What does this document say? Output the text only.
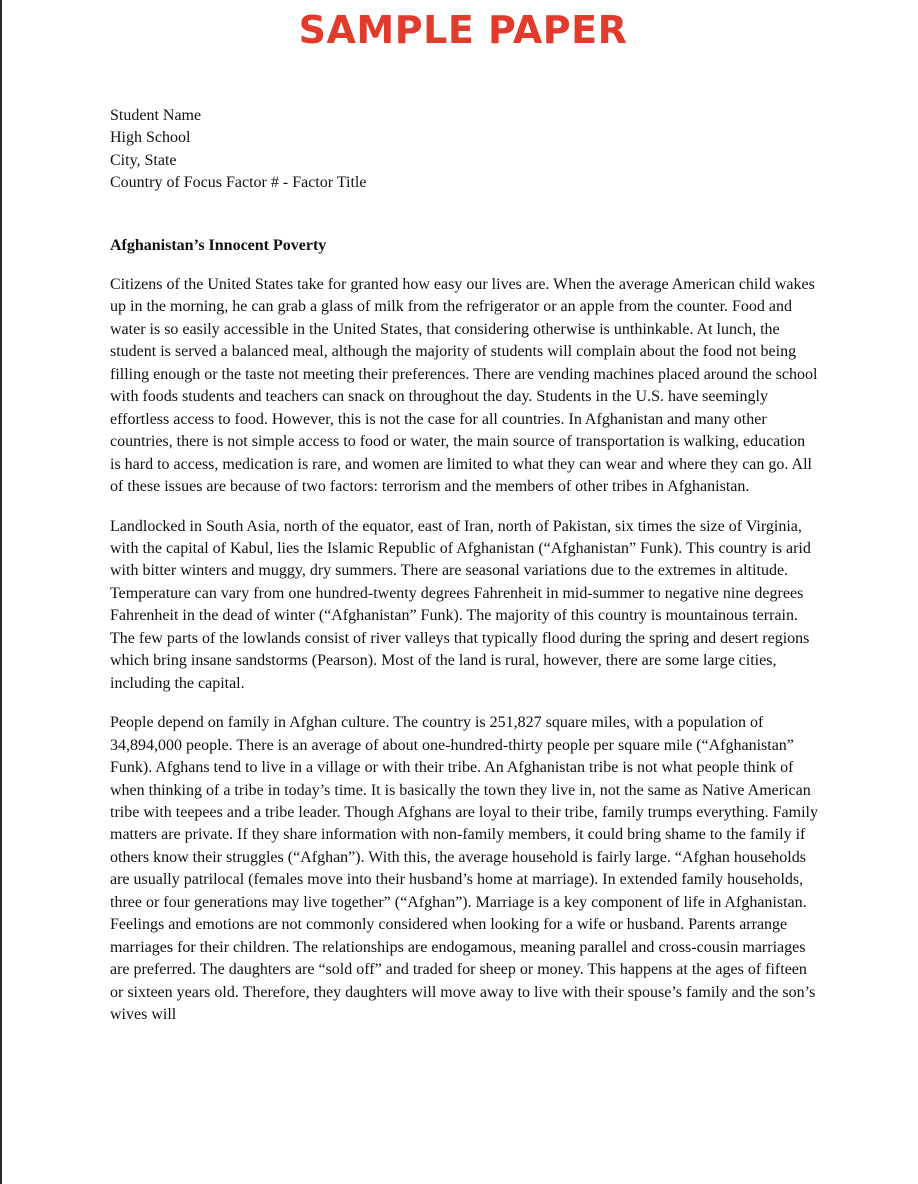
SAMPLE PAPER
Student Name
High School
City, State
Country of Focus Factor # - Factor Title

Afghanistan’s Innocent Poverty

Citizens of the United States take for granted how easy our lives are. When the average American child wakes up in the morning, he can grab a glass of milk from the refrigerator or an apple from the counter. Food and water is so easily accessible in the United States, that considering otherwise is unthinkable. At lunch, the student is served a balanced meal, although the majority of students will complain about the food not being filling enough or the taste not meeting their preferences. There are vending machines placed around the school with foods students and teachers can snack on throughout the day. Students in the U.S. have seemingly effortless access to food. However, this is not the case for all countries. In Afghanistan and many other countries, there is not simple access to food or water, the main source of transportation is walking, education is hard to access, medication is rare, and women are limited to what they can wear and where they can go. All of these issues are because of two factors: terrorism and the members of other tribes in Afghanistan.

Landlocked in South Asia, north of the equator, east of Iran, north of Pakistan, six times the size of Virginia, with the capital of Kabul, lies the Islamic Republic of Afghanistan (“Afghanistan” Funk). This country is arid with bitter winters and muggy, dry summers. There are seasonal variations due to the extremes in altitude. Temperature can vary from one hundred-twenty degrees Fahrenheit in mid-summer to negative nine degrees Fahrenheit in the dead of winter (“Afghanistan” Funk). The majority of this country is mountainous terrain. The few parts of the lowlands consist of river valleys that typically flood during the spring and desert regions which bring insane sandstorms (Pearson). Most of the land is rural, however, there are some large cities, including the capital.

People depend on family in Afghan culture. The country is 251,827 square miles, with a population of 34,894,000 people. There is an average of about one-hundred-thirty people per square mile (“Afghanistan” Funk). Afghans tend to live in a village or with their tribe. An Afghanistan tribe is not what people think of when thinking of a tribe in today’s time. It is basically the town they live in, not the same as Native American tribe with teepees and a tribe leader. Though Afghans are loyal to their tribe, family trumps everything. Family matters are private. If they share information with non-family members, it could bring shame to the family if others know their struggles (“Afghan”). With this, the average household is fairly large. “Afghan households are usually patrilocal (females move into their husband’s home at marriage). In extended family households, three or four generations may live together” (“Afghan”). Marriage is a key component of life in Afghanistan. Feelings and emotions are not commonly considered when looking for a wife or husband. Parents arrange marriages for their children. The relationships are endogamous, meaning parallel and cross-cousin marriages are preferred. The daughters are “sold off” and traded for sheep or money. This happens at the ages of fifteen or sixteen years old. Therefore, they daughters will move away to live with their spouse’s family and the son’s wives will
